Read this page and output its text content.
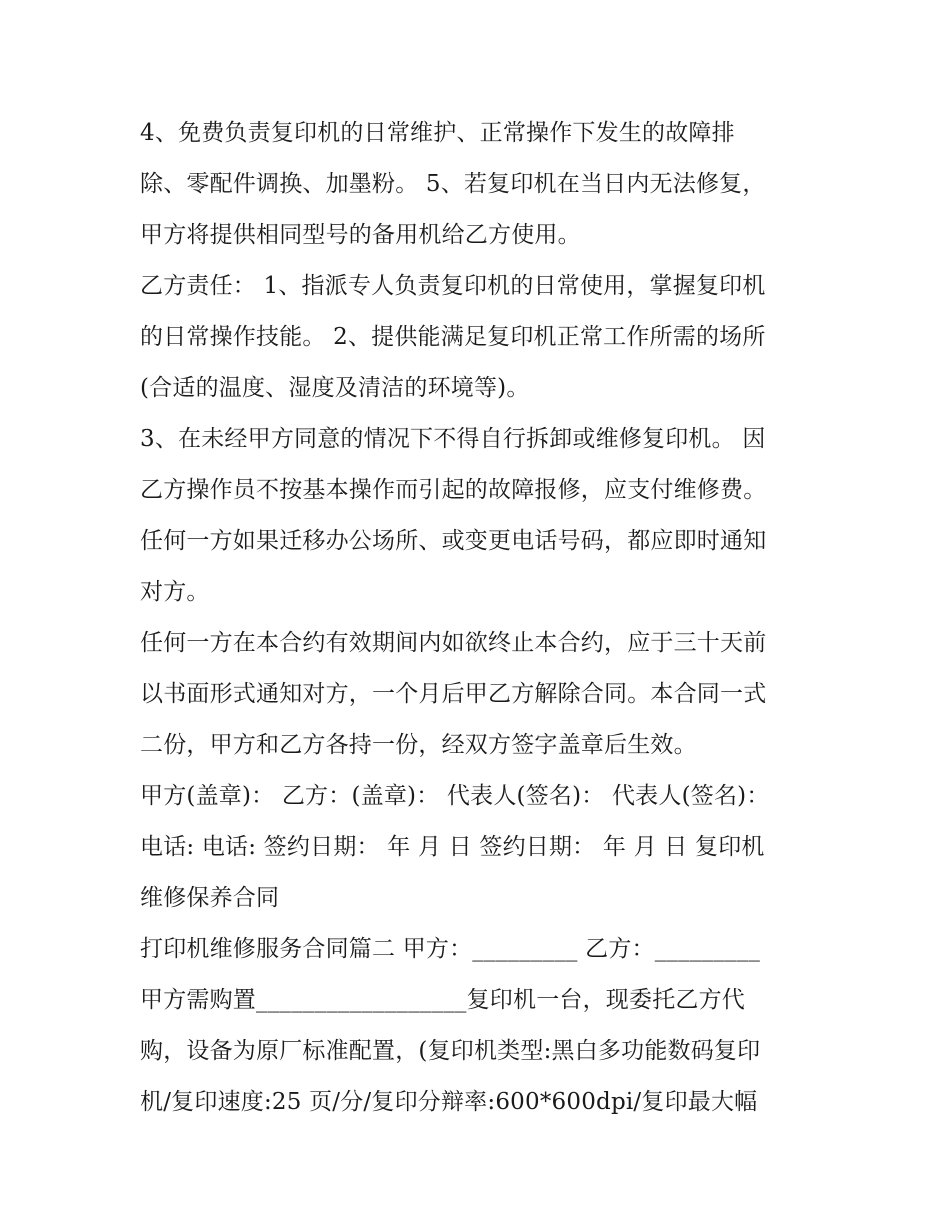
4、免费负责复印机的日常维护、正常操作下发生的故障排
除、零配件调换、加墨粉。 5、若复印机在当日内无法修复，
甲方将提供相同型号的备用机给乙方使用。
乙方责任： 1、指派专人负责复印机的日常使用，掌握复印机
的日常操作技能。 2、提供能满足复印机正常工作所需的场所
(合适的温度、湿度及清洁的环境等)。
3、在未经甲方同意的情况下不得自行拆卸或维修复印机。 因
乙方操作员不按基本操作而引起的故障报修，应支付维修费。
任何一方如果迁移办公场所、或变更电话号码，都应即时通知
对方。
任何一方在本合约有效期间内如欲终止本合约，应于三十天前
以书面形式通知对方，一个月后甲乙方解除合同。本合同一式
二份，甲方和乙方各持一份，经双方签字盖章后生效。
甲方(盖章)： 乙方：(盖章)： 代表人(签名)： 代表人(签名)：
电话: 电话: 签约日期： 年 月 日 签约日期： 年 月 日 复印机
维修保养合同
打印机维修服务合同篇二 甲方：_________ 乙方：_________
甲方需购置__________________复印机一台，现委托乙方代
购，设备为原厂标准配置，(复印机类型:黑白多功能数码复印
机/复印速度:25 页/分/复印分辩率:600*600dpi/复印最大幅
